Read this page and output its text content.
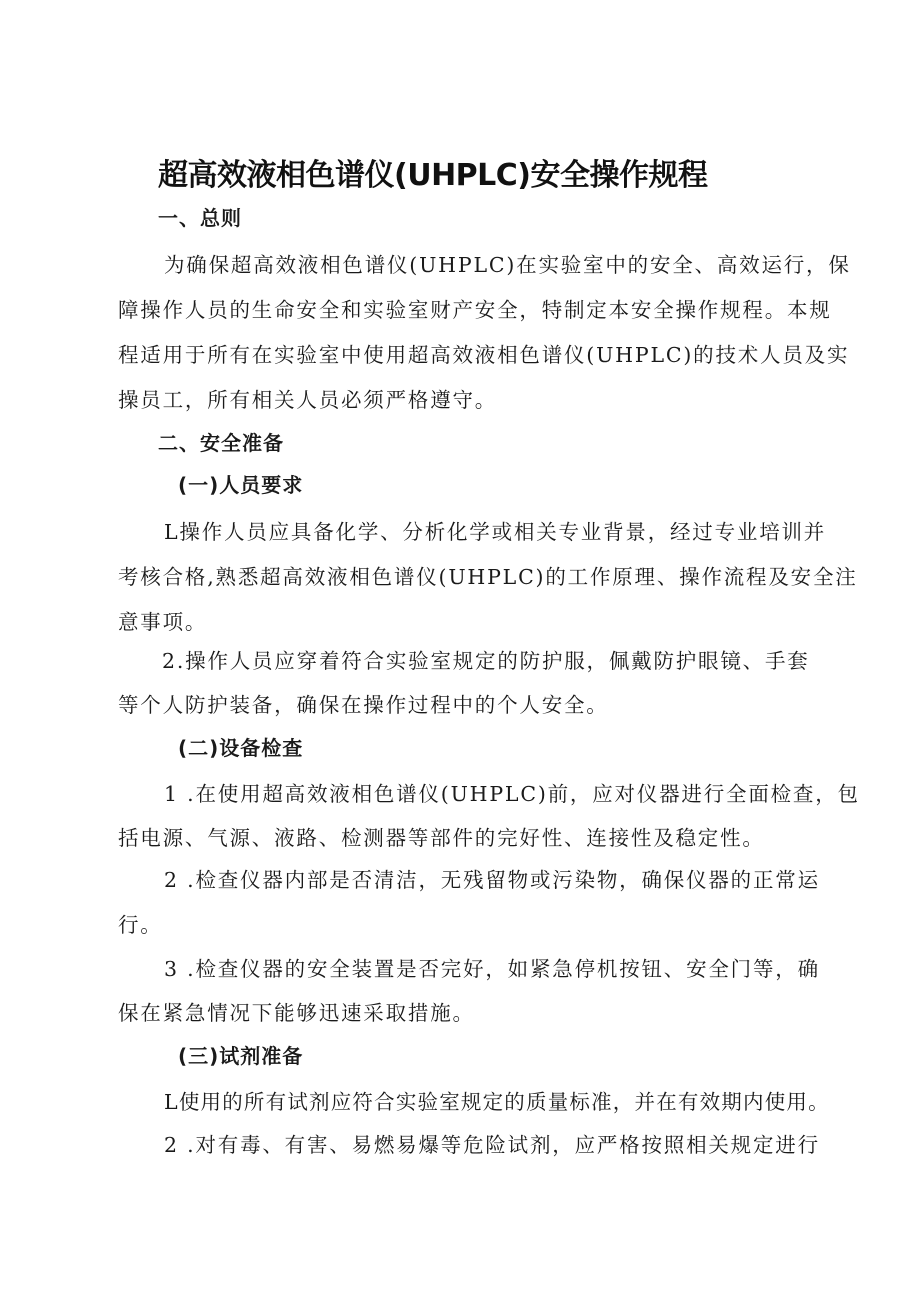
超高效液相色谱仪(UHPLC)安全操作规程
一、总则
为确保超高效液相色谱仪(UHPLC)在实验室中的安全、高效运行，保
障操作人员的生命安全和实验室财产安全，特制定本安全操作规程。本规
程适用于所有在实验室中使用超高效液相色谱仪(UHPLC)的技术人员及实
操员工，所有相关人员必须严格遵守。
二、安全准备
(一)人员要求
L操作人员应具备化学、分析化学或相关专业背景，经过专业培训并
考核合格,熟悉超高效液相色谱仪(UHPLC)的工作原理、操作流程及安全注
意事项。
2.操作人员应穿着符合实验室规定的防护服，佩戴防护眼镜、手套
等个人防护装备，确保在操作过程中的个人安全。
(二)设备检查
1 .在使用超高效液相色谱仪(UHPLC)前，应对仪器进行全面检查，包
括电源、气源、液路、检测器等部件的完好性、连接性及稳定性。
2 .检查仪器内部是否清洁，无残留物或污染物，确保仪器的正常运
行。
3 .检查仪器的安全装置是否完好，如紧急停机按钮、安全门等，确
保在紧急情况下能够迅速采取措施。
(三)试剂准备
L使用的所有试剂应符合实验室规定的质量标准，并在有效期内使用。
2 .对有毒、有害、易燃易爆等危险试剂，应严格按照相关规定进行
